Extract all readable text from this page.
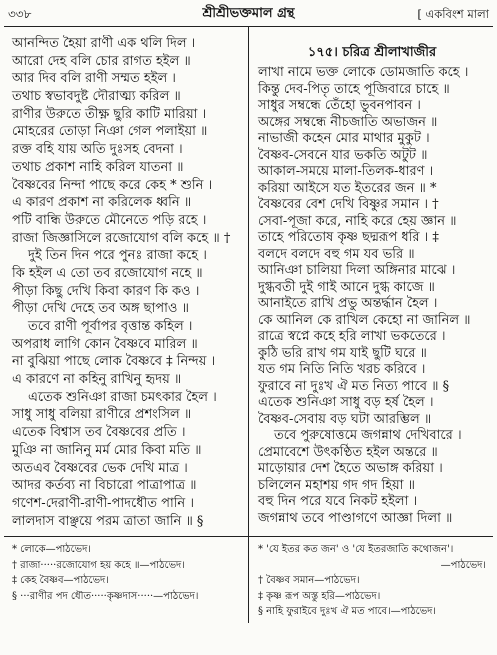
৩৩৮	শ্রীশ্রীভক্তমাল গ্রন্থ	[ একবিংশ মালা
আনন্দিত হৈয়া রাণী এক থলি দিল ।
আরো দেহ বলি চোর রাগত হইল ॥
আর দিব বলি রাণী সম্মত হইল ।
তথাচ স্বভাবদুষ্ট দৌরাত্ম্য করিল ॥
রাণীর উরুতে তীক্ষ্ণ ছুরি কাটি মারিয়া ।
মোহরের তোড়া নিঞা গেল পলাইয়া ॥
রক্ত বহি যায় অতি দুঃসহ বেদনা ।
তথাচ প্রকাশ নাহি করিল যাতনা ॥
বৈষ্ণবের নিন্দা পাছে করে কেহ * শুনি ।
এ কারণ প্রকাশ না করিলেক ধ্বনি ॥
পটি বান্ধি উরুতে মৌনেতে পড়ি রহে ।
রাজা জিজ্ঞাসিলে রজোযোগ বলি কহে ॥ †
দুই তিন দিন পরে পুনঃ রাজা কহে ।
কি হইল এ তো তব রজোযোগ নহে ॥
পীড়া কিছু দেখি কিবা কারণ কি কও ।
পীড়া দেখি দেহে তব অঙ্গ ছাপাও ॥
তবে রাণী পূর্বাপর বৃত্তান্ত কহিল ।
অপরাধ লাগি কোন বৈষ্ণবে মারিল ॥
না বুঝিয়া পাছে লোক বৈষ্ণবে ‡ নিন্দয় ।
এ কারণে না কহিনু রাখিনু হৃদয় ॥
এতেক শুনিঞা রাজা চমৎকার হৈল ।
সাধু সাধু বলিয়া রাণীরে প্রশংসিল ॥
এতেক বিশ্বাস তব বৈষ্ণবের প্রতি ।
মুঞি না জানিনু মর্ম মোর কিবা মতি ॥
অতএব বৈষ্ণবের ভেক দেখি মাত্র ।
আদর কর্তব্য না বিচারো পাত্রাপাত্র ॥
গণেশ-দেরাণী-রাণী-পাদধৌত পানি ।
লালদাস বাঞ্ছয়ে পরম ত্রাতা জানি ॥ §
১৭৫। চরিত্র শ্রীলাখাজীর
লাখা নামে ভক্ত লোকে ডোমজাতি কহে ।
কিন্তু দেব-পিতৃ তাহে পূজিবারে চাহে ॥
সাধুর সম্বন্ধে তেঁহো ভুবনপাবন ।
অঙ্গের সম্বন্ধে নীচজাতি অভাজন ॥
নাভাজী কহেন মোর মাথার মুকুট ।
বৈষ্ণব-সেবনে যার ভকতি অটুট ॥
আকাল-সময়ে মালা-তিলক-ধারণ ।
করিয়া আইসে যত ইতরের জন ॥ *
বৈষ্ণবের বেশ দেখি বিষ্ণুর সমান । †
সেবা-পূজা করে, নাহি করে হেয় জ্ঞান ॥
তাহে পরিতোষ কৃষ্ণ ছদ্মরূপ ধরি । ‡
বলদে বলদে বহু গম যব ভরি ॥
আনিঞা চালিয়া দিলা অঙ্গিনার মাঝে ।
দুগ্ধবতী দুই গাই আনে দুগ্ধ কাজে ॥
আনাইতে রাখি প্রভু অন্তর্দ্ধান হৈল ।
কে আনিল কে রাখিল কেহো না জানিল ॥
রাত্রে স্বপ্নে কহে হরি লাখা ভকতেরে ।
কুঠি ভরি রাখ গম যাই ছুটি ঘরে ॥
যত গম নিতি নিতি খরচ করিবে ।
ফুরাবে না দুঃখ ঐ মত নিত্য পাবে ॥ §
এতেক শুনিঞা সাধু বড় হর্ষ হৈল ।
বৈষ্ণব-সেবায় বড় ঘটা আরম্ভিল ॥
তবে পুরুষোত্তমে জগন্নাথ দেখিবারে ।
প্রেমাবেশে উৎকণ্ঠিত হইল অন্তরে ॥
মাড়োয়ার দেশ হৈতে অভাঙ্গ করিয়া ।
চলিলেন মহাশয় গদ গদ হিয়া ॥
বহু দিন পরে যবে নিকট হইলা ।
জগন্নাথ তবে পাণ্ডাগণে আজ্ঞা দিলা ॥
* লোকে—পাঠভেদ।
† রাজা·····রজোযোগ হয় কহে ॥—পাঠভেদ।
‡ কেহ বৈষ্ণব—পাঠভেদ।
§ ···রাণীর পদ ধৌত·····কৃষ্ণদাস·····—পাঠভেদ।
* 'যে ইতর কত জন' ও 'যে ইতরজাতি কথোজন'।
—পাঠভেদ।
† বৈষ্ণব সমান—পাঠভেদ।
‡ কৃষ্ণ রূপ অস্তু হরি—পাঠভেদ।
§ নাহি ফুরাইবে দুঃখ ঐ মত পাবে।—পাঠভেদ।
